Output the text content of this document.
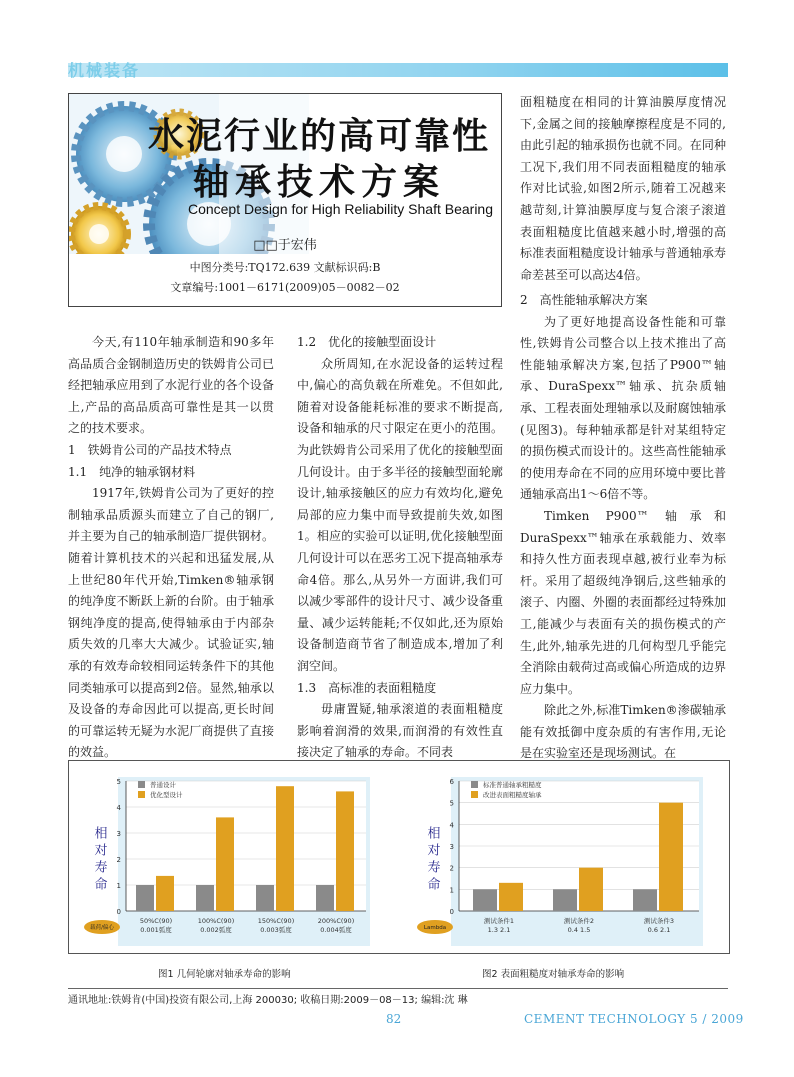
机械装备
水泥行业的高可靠性
轴承技术方案
Concept Design for High Reliability Shaft Bearing
□□于宏伟
中图分类号:TQ172.639 文献标识码:B
文章编号:1001－6171(2009)05－0082－02

面粗糙度在相同的计算油膜厚度情况下,金属之间的接触摩擦程度是不同的,由此引起的轴承损伤也就不同。在同种工况下,我们用不同表面粗糙度的轴承作对比试验,如图2所示,随着工况越来越苛刻,计算油膜厚度与复合滚子滚道表面粗糙度比值越来越小时,增强的高标准表面粗糙度设计轴承与普通轴承寿命差甚至可以高达4倍。

今天,有110年轴承制造和90多年高品质合金钢制造历史的铁姆肯公司已经把轴承应用到了水泥行业的各个设备上,产品的高品质高可靠性是其一以贯之的技术要求。

1　铁姆肯公司的产品技术特点

1.1　纯净的轴承钢材料

1917年,铁姆肯公司为了更好的控制轴承品质源头而建立了自己的钢厂,并主要为自己的轴承制造厂提供钢材。随着计算机技术的兴起和迅猛发展,从上世纪80年代开始,Timken®轴承钢的纯净度不断跃上新的台阶。由于轴承钢纯净度的提高,使得轴承由于内部杂质失效的几率大大减少。试验证实,轴承的有效寿命较相同运转条件下的其他同类轴承可以提高到2倍。显然,轴承以及设备的寿命因此可以提高,更长时间的可靠运转无疑为水泥厂商提供了直接的效益。

1.2　优化的接触型面设计

众所周知,在水泥设备的运转过程中,偏心的高负载在所难免。不但如此,随着对设备能耗标准的要求不断提高,设备和轴承的尺寸限定在更小的范围。为此铁姆肯公司采用了优化的接触型面几何设计。由于多半径的接触型面轮廓设计,轴承接触区的应力有效均化,避免局部的应力集中而导致提前失效,如图1。相应的实验可以证明,优化接触型面几何设计可以在恶劣工况下提高轴承寿命4倍。那么,从另外一方面讲,我们可以减少零部件的设计尺寸、减少设备重量、减少运转能耗;不仅如此,还为原始设备制造商节省了制造成本,增加了利润空间。

1.3　高标准的表面粗糙度

毋庸置疑,轴承滚道的表面粗糙度影响着润滑的效果,而润滑的有效性直接决定了轴承的寿命。不同表

2　高性能轴承解决方案

为了更好地提高设备性能和可靠性,铁姆肯公司整合以上技术推出了高性能轴承解决方案,包括了P900™轴承、DuraSpexx™轴承、抗杂质轴承、工程表面处理轴承以及耐腐蚀轴承(见图3)。每种轴承都是针对某组特定的损伤模式而设计的。这些高性能轴承的使用寿命在不同的应用环境中要比普通轴承高出1～6倍不等。

Timken P900™ 轴承和DuraSpexx™轴承在承载能力、效率和持久性方面表现卓越,被行业奉为标杆。采用了超级纯净钢后,这些轴承的滚子、内圈、外圈的表面都经过特殊加工,能减少与表面有关的损伤模式的产生,此外,轴承先进的几何构型几乎能完全消除由载荷过高或偏心所造成的边界应力集中。

除此之外,标准Timken®渗碳轴承能有效抵御中度杂质的有害作用,无论是在实验室还是现场测试。在

0
1
2
3
4
5
相对寿命
普通设计
优化型设计
50%C(90) 0.001弧度
100%C(90) 0.002弧度
150%C(90) 0.003弧度
200%C(90) 0.004弧度
载荷/偏心
0
1
2
3
4
5
6
相对寿命
标准普通轴承粗糙度
改进表面粗糙度轴承
测试条件1 1.3 2.1
测试条件2 0.4 1.5
测试条件3 0.6 2.1
Lambda
图1 几何轮廓对轴承寿命的影响	图2 表面粗糙度对轴承寿命的影响
通讯地址:铁姆肯(中国)投资有限公司,上海 200030; 收稿日期:2009－08－13; 编辑:沈 琳
82	CEMENT TECHNOLOGY 5 / 2009
